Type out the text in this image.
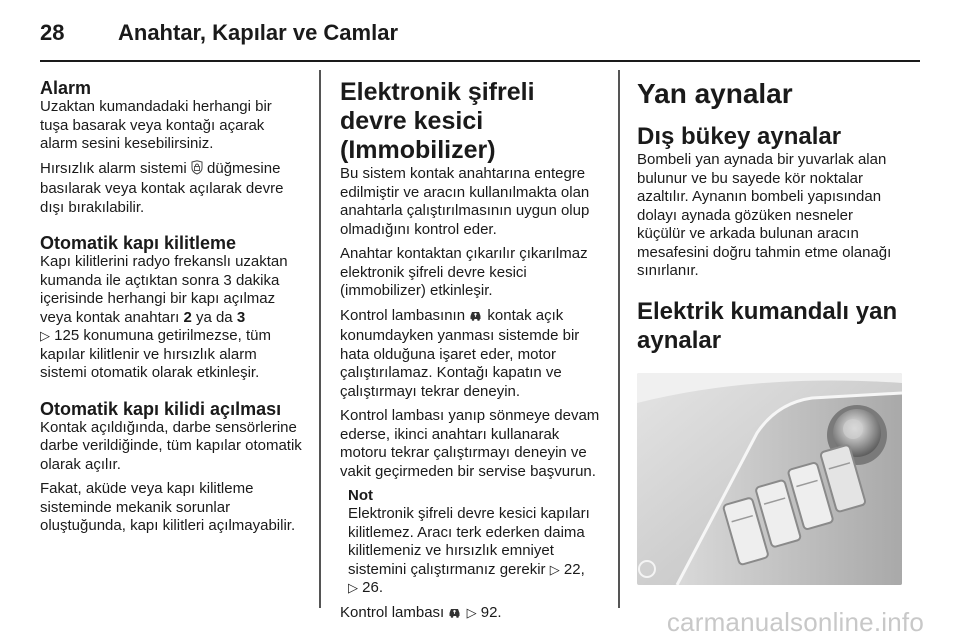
28	Anahtar, Kapılar ve Camlar
Alarm

Uzaktan kumandadaki herhangi bir tuşa basarak veya kontağı açarak alarm sesini kesebilirsiniz.

Hırsızlık alarm sistemi düğmesine basılarak veya kontak açılarak devre dışı bırakılabilir.

Otomatik kapı kilitleme

Kapı kilitlerini radyo frekanslı uzaktan kumanda ile açtıktan sonra 3 dakika içerisinde herhangi bir kapı açılmaz veya kontak anahtarı 2 ya da 3
▷ 125 konumuna getirilmezse, tüm kapılar kilitlenir ve hırsızlık alarm sistemi otomatik olarak etkinleşir.

Otomatik kapı kilidi açılması

Kontak açıldığında, darbe sensörlerine darbe verildiğinde, tüm kapılar otomatik olarak açılır.

Fakat, aküde veya kapı kilitleme sisteminde mekanik sorunlar oluştuğunda, kapı kilitleri açılmayabilir.

Elektronik şifreli devre kesici (Immobilizer)

Bu sistem kontak anahtarına entegre edilmiştir ve aracın kullanılmakta olan anahtarla çalıştırılmasının uygun olup olmadığını kontrol eder.

Anahtar kontaktan çıkarılır çıkarılmaz elektronik şifreli devre kesici (immobilizer) etkinleşir.

Kontrol lambasının kontak açık konumdayken yanması sistemde bir hata olduğuna işaret eder, motor çalıştırılamaz. Kontağı kapatın ve çalıştırmayı tekrar deneyin.

Kontrol lambası yanıp sönmeye devam ederse, ikinci anahtarı kullanarak motoru tekrar çalıştırmayı deneyin ve vakit geçirmeden bir servise başvurun.

Not

Elektronik şifreli devre kesici kapıları kilitlemez. Aracı terk ederken daima kilitlemeniz ve hırsızlık emniyet sistemini çalıştırmanız gerekir ▷ 22,
▷ 26.

Kontrol lambası ▷ 92.

Yan aynalar
Dış bükey aynalar

Bombeli yan aynada bir yuvarlak alan bulunur ve bu sayede kör noktalar azaltılır. Aynanın bombeli yapısından dolayı aynada gözüken nesneler küçülür ve arkada bulunan aracın mesafesini doğru tahmin etme olanağı sınırlanır.

Elektrik kumandalı yan aynalar
carmanualsonline.info
